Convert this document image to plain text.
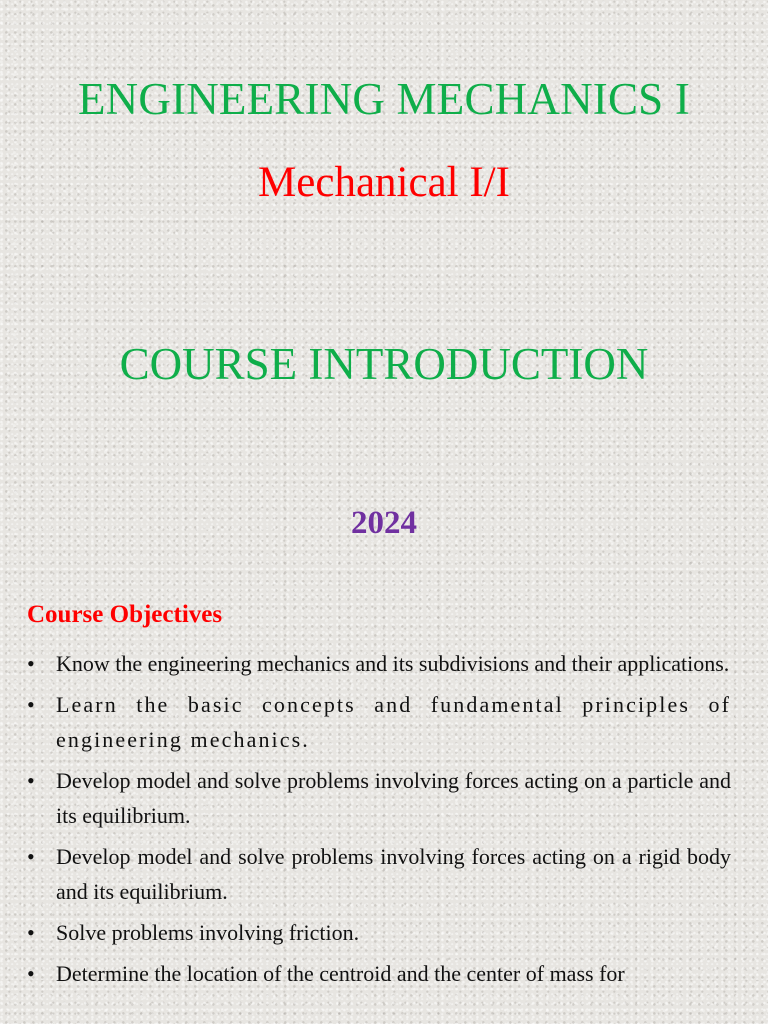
ENGINEERING MECHANICS I
Mechanical I/I
COURSE INTRODUCTION
2024
Course Objectives
• Know the engineering mechanics and its subdivisions and their applications.
• Learn the basic concepts and fundamental principles of engineering mechanics.
• Develop model and solve problems involving forces acting on a particle and its equilibrium.
• Develop model and solve problems involving forces acting on a rigid body and its equilibrium.
• Solve problems involving friction.
• Determine the location of the centroid and the center of mass for
